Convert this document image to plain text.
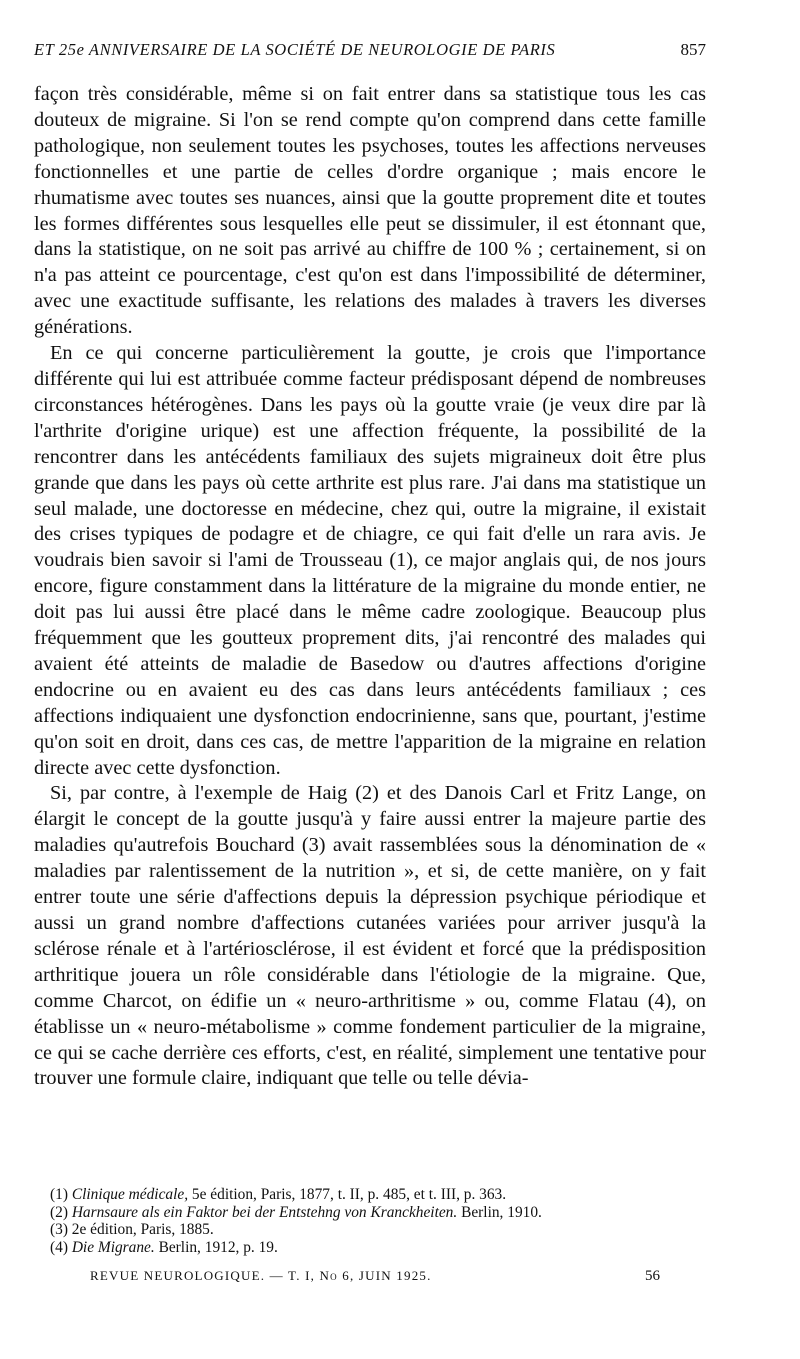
ET 25e ANNIVERSAIRE DE LA SOCIÉTÉ DE NEUROLOGIE DE PARIS	857

façon très considérable, même si on fait entrer dans sa statistique tous les cas douteux de migraine. Si l'on se rend compte qu'on comprend dans cette famille pathologique, non seulement toutes les psychoses, toutes les affections nerveuses fonctionnelles et une partie de celles d'ordre organique ; mais encore le rhumatisme avec toutes ses nuances, ainsi que la goutte proprement dite et toutes les formes différentes sous lesquelles elle peut se dissimuler, il est étonnant que, dans la statistique, on ne soit pas arrivé au chiffre de 100 % ; certainement, si on n'a pas atteint ce pourcentage, c'est qu'on est dans l'impossibilité de déterminer, avec une exactitude suffisante, les relations des malades à travers les diverses générations.

En ce qui concerne particulièrement la goutte, je crois que l'importance différente qui lui est attribuée comme facteur prédisposant dépend de nombreuses circonstances hétérogènes. Dans les pays où la goutte vraie (je veux dire par là l'arthrite d'origine urique) est une affection fréquente, la possibilité de la rencontrer dans les antécédents familiaux des sujets migraineux doit être plus grande que dans les pays où cette arthrite est plus rare. J'ai dans ma statistique un seul malade, une doctoresse en médecine, chez qui, outre la migraine, il existait des crises typiques de podagre et de chiagre, ce qui fait d'elle un rara avis. Je voudrais bien savoir si l'ami de Trousseau (1), ce major anglais qui, de nos jours encore, figure constamment dans la littérature de la migraine du monde entier, ne doit pas lui aussi être placé dans le même cadre zoologique. Beaucoup plus fréquemment que les goutteux proprement dits, j'ai rencontré des malades qui avaient été atteints de maladie de Basedow ou d'autres affections d'origine endocrine ou en avaient eu des cas dans leurs antécédents familiaux ; ces affections indiquaient une dysfonction endocrinienne, sans que, pourtant, j'estime qu'on soit en droit, dans ces cas, de mettre l'apparition de la migraine en relation directe avec cette dysfonction.

Si, par contre, à l'exemple de Haig (2) et des Danois Carl et Fritz Lange, on élargit le concept de la goutte jusqu'à y faire aussi entrer la majeure partie des maladies qu'autrefois Bouchard (3) avait rassemblées sous la dénomination de « maladies par ralentissement de la nutrition », et si, de cette manière, on y fait entrer toute une série d'affections depuis la dépression psychique périodique et aussi un grand nombre d'affections cutanées variées pour arriver jusqu'à la sclérose rénale et à l'artériosclérose, il est évident et forcé que la prédisposition arthritique jouera un rôle considérable dans l'étiologie de la migraine. Que, comme Charcot, on édifie un « neuro-arthritisme » ou, comme Flatau (4), on établisse un « neuro-métabolisme » comme fondement particulier de la migraine, ce qui se cache derrière ces efforts, c'est, en réalité, simplement une tentative pour trouver une formule claire, indiquant que telle ou telle dévia-

(1) Clinique médicale, 5e édition, Paris, 1877, t. II, p. 485, et t. III, p. 363.

(2) Harnsaure als ein Faktor bei der Entstehng von Kranckheiten. Berlin, 1910.

(3) 2e édition, Paris, 1885.

(4) Die Migrane. Berlin, 1912, p. 19.

REVUE NEUROLOGIQUE. — T. I, No 6, JUIN 1925.	56
